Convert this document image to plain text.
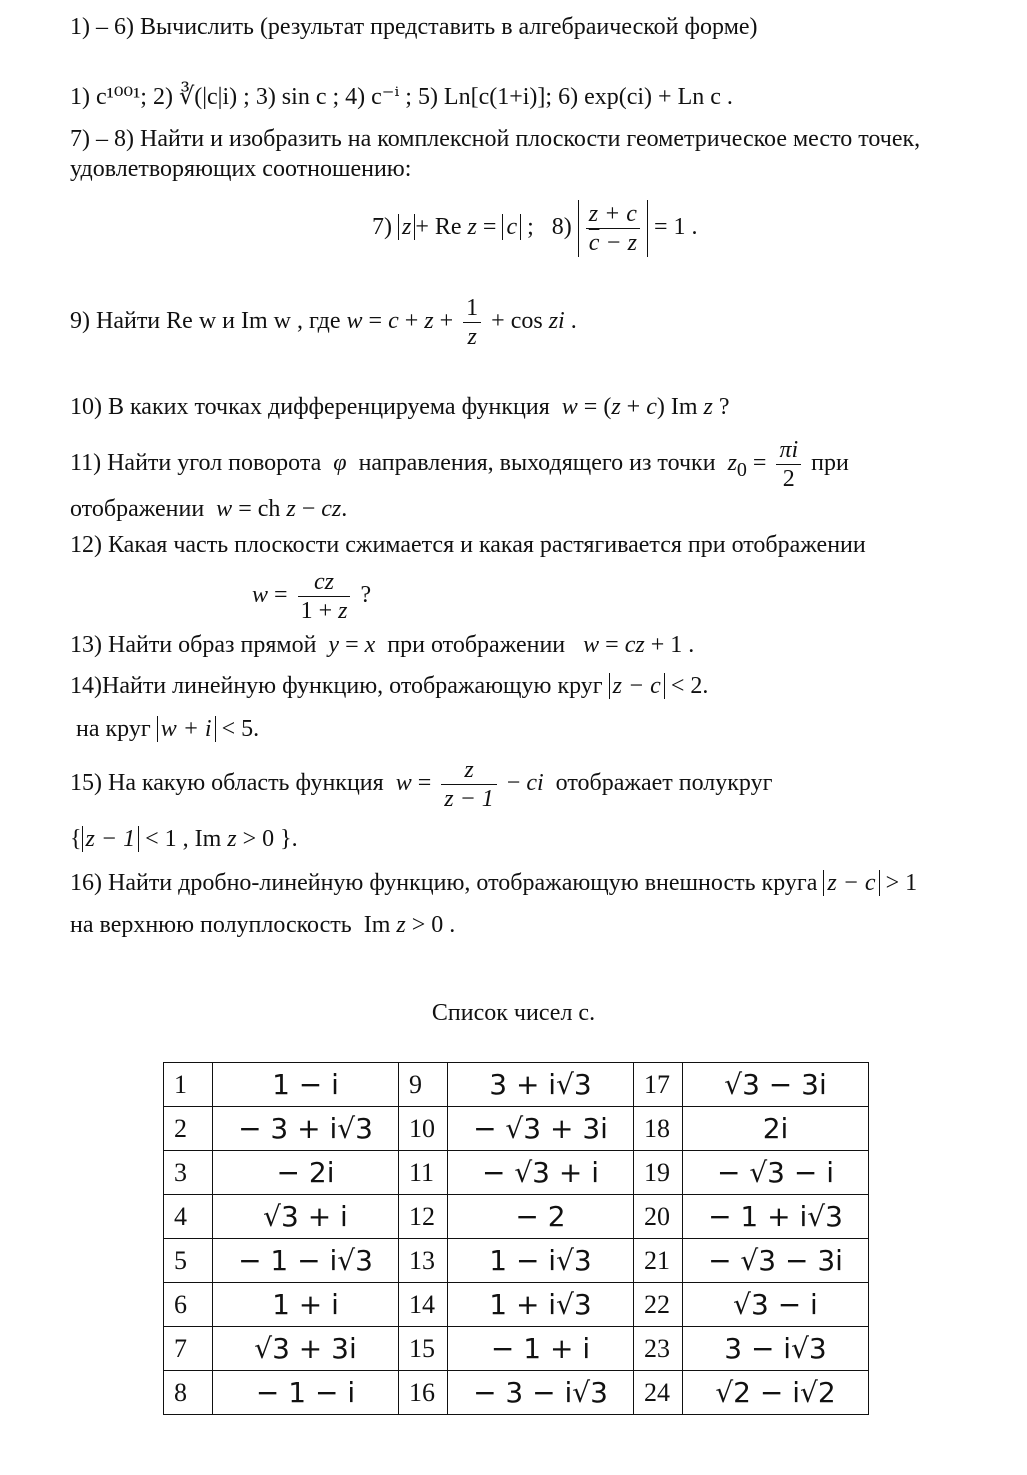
1) – 6) Вычислить (результат представить в алгебраической форме)
1) c¹⁰⁰¹; 2) ∛(|c|i) ; 3) sin c ; 4) c⁻ⁱ ; 5) Ln[c(1+i)]; 6) exp(ci) + Ln c .
7) – 8) Найти и изобразить на комплексной плоскости геометрическое место точек,
удовлетворяющих соотношению:
7) z + Re z = c ;   $8) \frac{z + c}{\overline{c} - z} = 1$ .
9) Найти Re w и Im w , где $w = c + z + \frac{1}{z} + \cos$ zi .
10) В каких точках дифференцируема функция w = (z + c) Im z ?
11) Найти угол поворота φ направления, выходящего из точки $z_0 = \frac{\pi i}{2}$ при
отображении w = ch z − cz.
12) Какая часть плоскости сжимается и какая растягивается при отображении
$w = \frac{cz}{1 + z}$ ?
13) Найти образ прямой y = x при отображении w = cz + 1 .
14)Найти линейную функцию, отображающую круг z − c < 2.
на круг w + i < 5.
15) На какую область функция $w = \frac{z}{z - 1}$ − ci отображает полукруг
{ z − 1 < 1 , Im z > 0 }.
16) Найти дробно-линейную функцию, отображающую внешность круга z − c > 1
на верхнюю полуплоскость  Im z > 0 .
Список чисел c.
1	1 − i	9	3 + i√3	17	√3 − 3i
2	− 3 + i√3	10	− √3 + 3i	18	2i
3	− 2i	11	− √3 + i	19	− √3 − i
4	√3 + i	12	− 2	20	− 1 + i√3
5	− 1 − i√3	13	1 − i√3	21	− √3 − 3i
6	1 + i	14	1 + i√3	22	√3 − i
7	√3 + 3i	15	− 1 + i	23	3 − i√3
8	− 1 − i	16	− 3 − i√3	24	√2 − i√2
